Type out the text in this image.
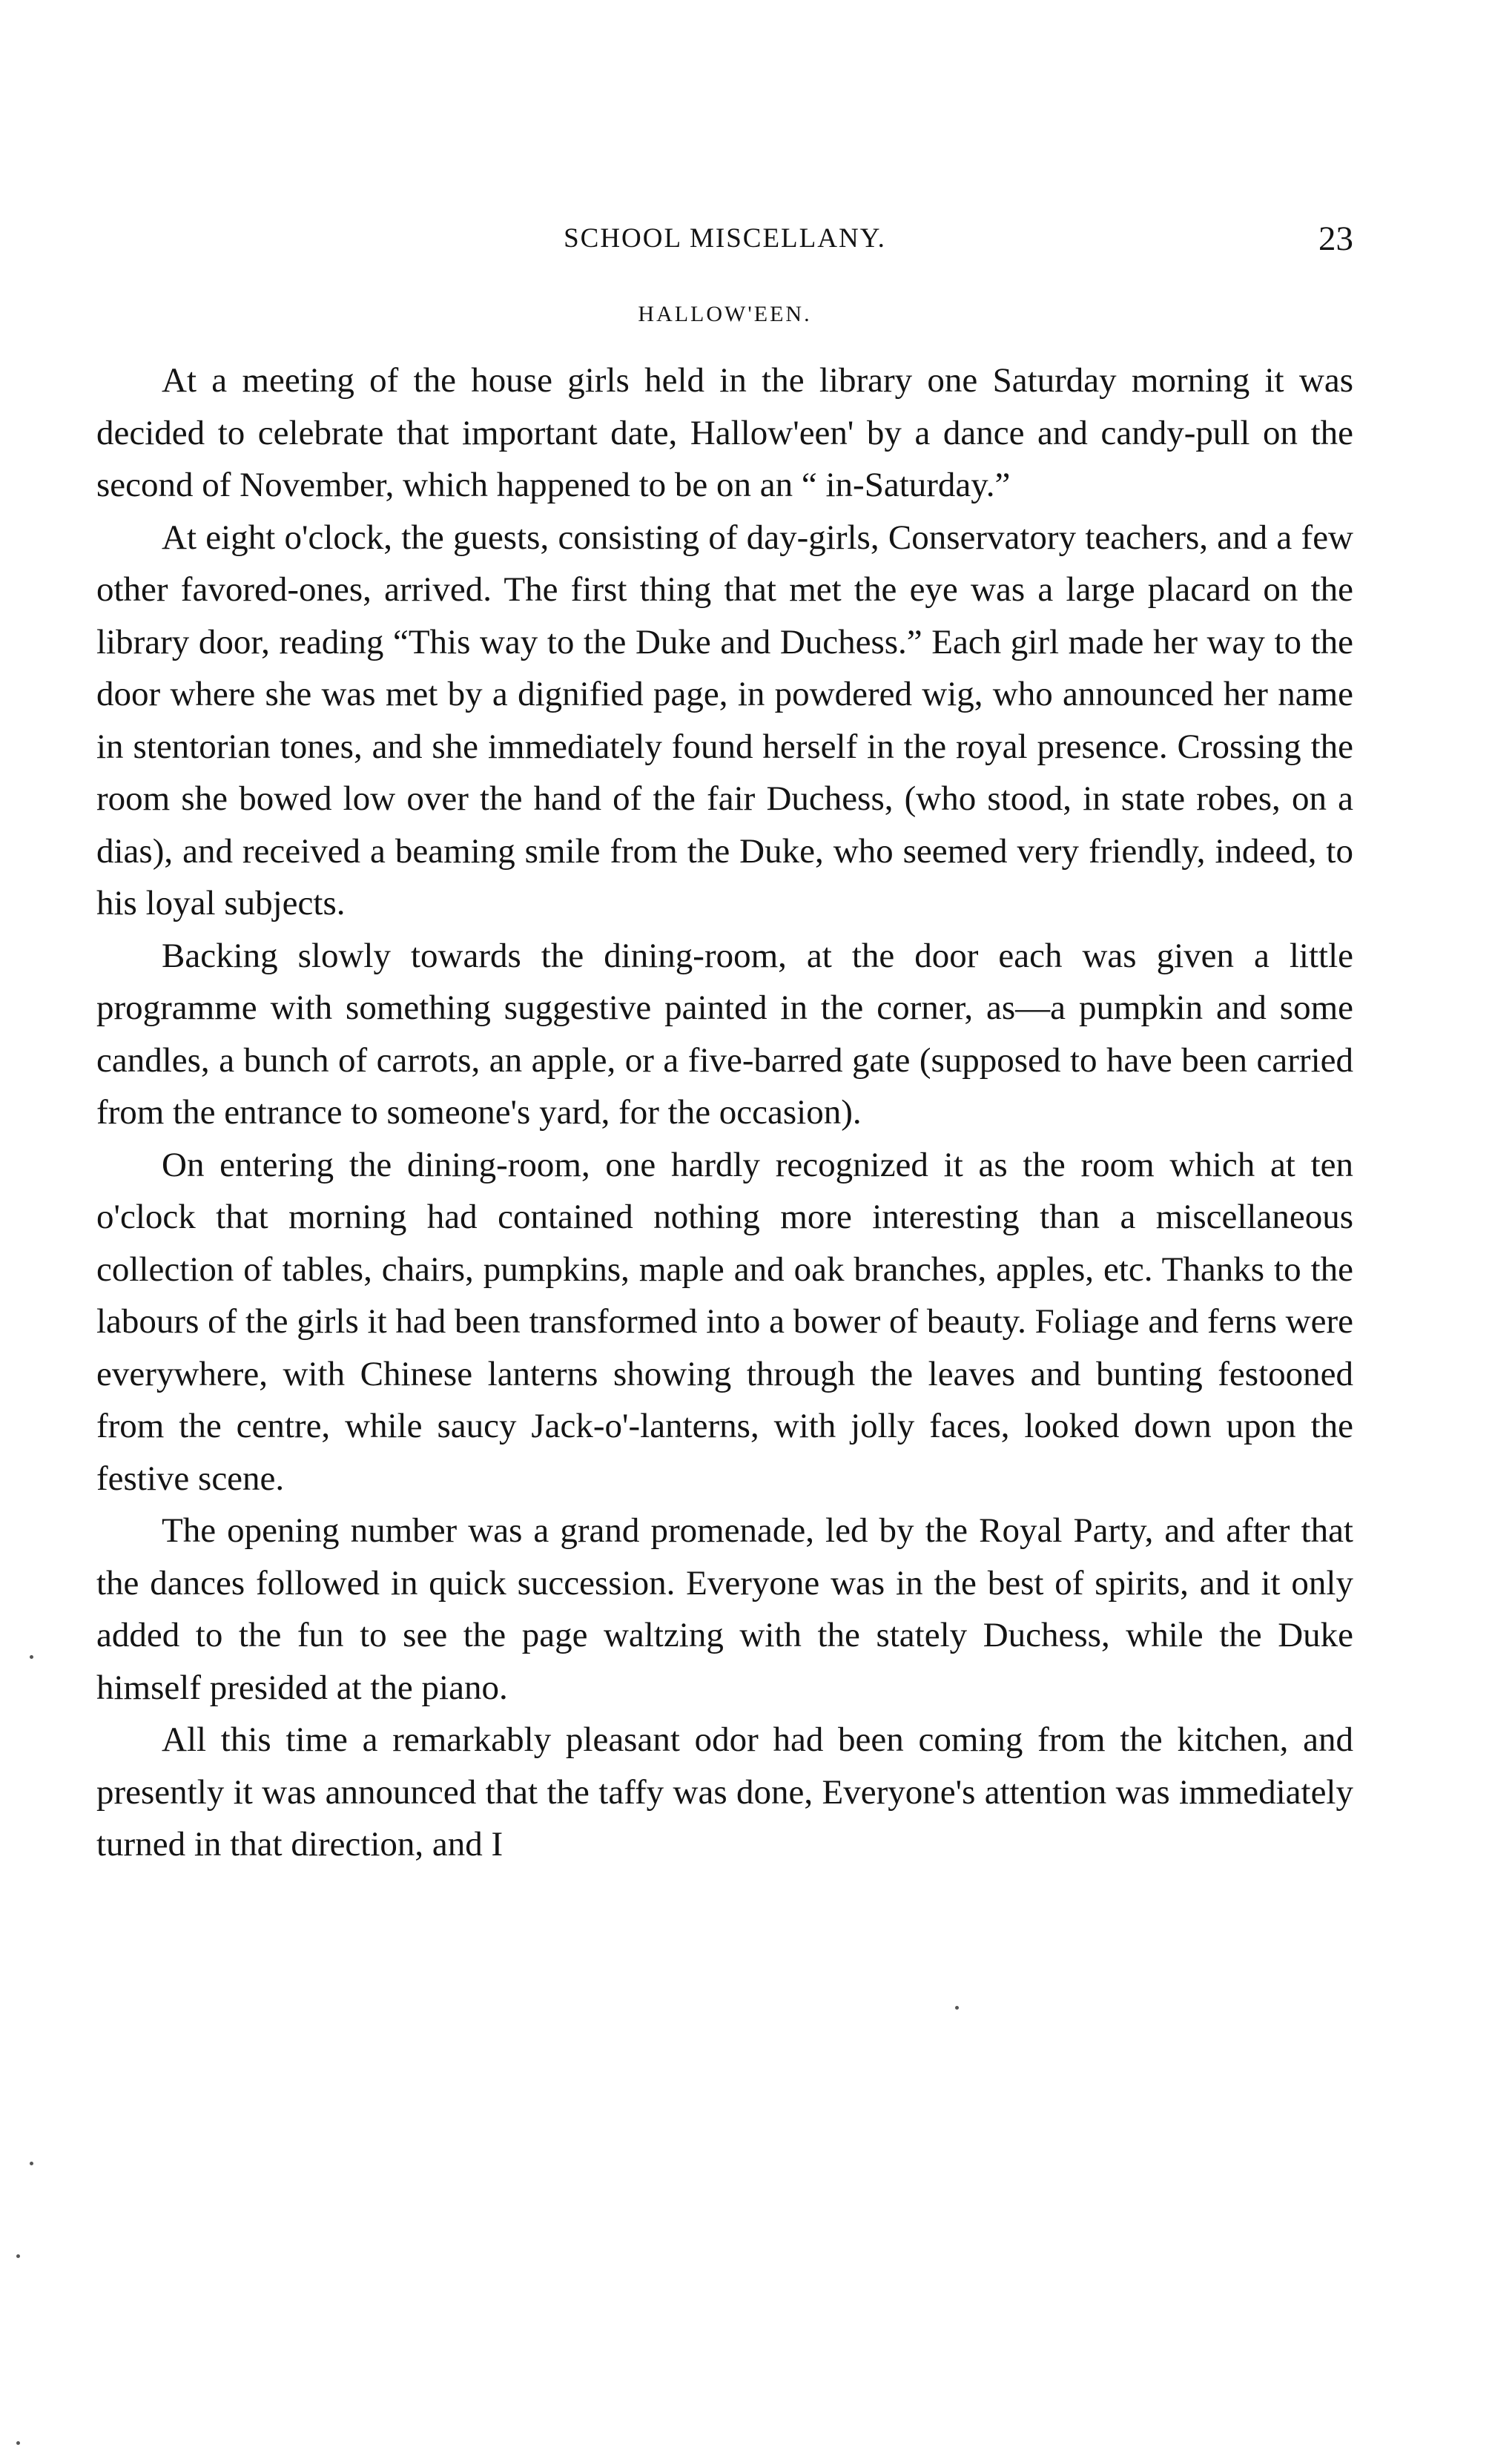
SCHOOL MISCELLANY.	23
HALLOW'EEN.

At a meeting of the house girls held in the library one Saturday morning it was decided to celebrate that important date, Hallow'een' by a dance and candy-pull on the second of November, which happened to be on an “ in-Saturday.”

At eight o'clock, the guests, consisting of day-girls, Conservatory teachers, and a few other favored-ones, arrived. The first thing that met the eye was a large placard on the library door, reading “This way to the Duke and Duchess.” Each girl made her way to the door where she was met by a dignified page, in powdered wig, who announced her name in stentorian tones, and she immediately found herself in the royal presence. Crossing the room she bowed low over the hand of the fair Duchess, (who stood, in state robes, on a dias), and received a beaming smile from the Duke, who seemed very friendly, indeed, to his loyal subjects.

Backing slowly towards the dining-room, at the door each was given a little programme with something suggestive painted in the corner, as—a pumpkin and some candles, a bunch of carrots, an apple, or a five-barred gate (supposed to have been carried from the entrance to someone's yard, for the occasion).

On entering the dining-room, one hardly recognized it as the room which at ten o'clock that morning had contained nothing more interesting than a miscellaneous collection of tables, chairs, pumpkins, maple and oak branches, apples, etc. Thanks to the labours of the girls it had been transformed into a bower of beauty. Foliage and ferns were everywhere, with Chinese lanterns showing through the leaves and bunting festooned from the centre, while saucy Jack-o'-lanterns, with jolly faces, looked down upon the festive scene.

The opening number was a grand promenade, led by the Royal Party, and after that the dances followed in quick succession. Everyone was in the best of spirits, and it only added to the fun to see the page waltzing with the stately Duchess, while the Duke himself presided at the piano.

All this time a remarkably pleasant odor had been coming from the kitchen, and presently it was announced that the taffy was done, Everyone's attention was immediately turned in that direction, and I
